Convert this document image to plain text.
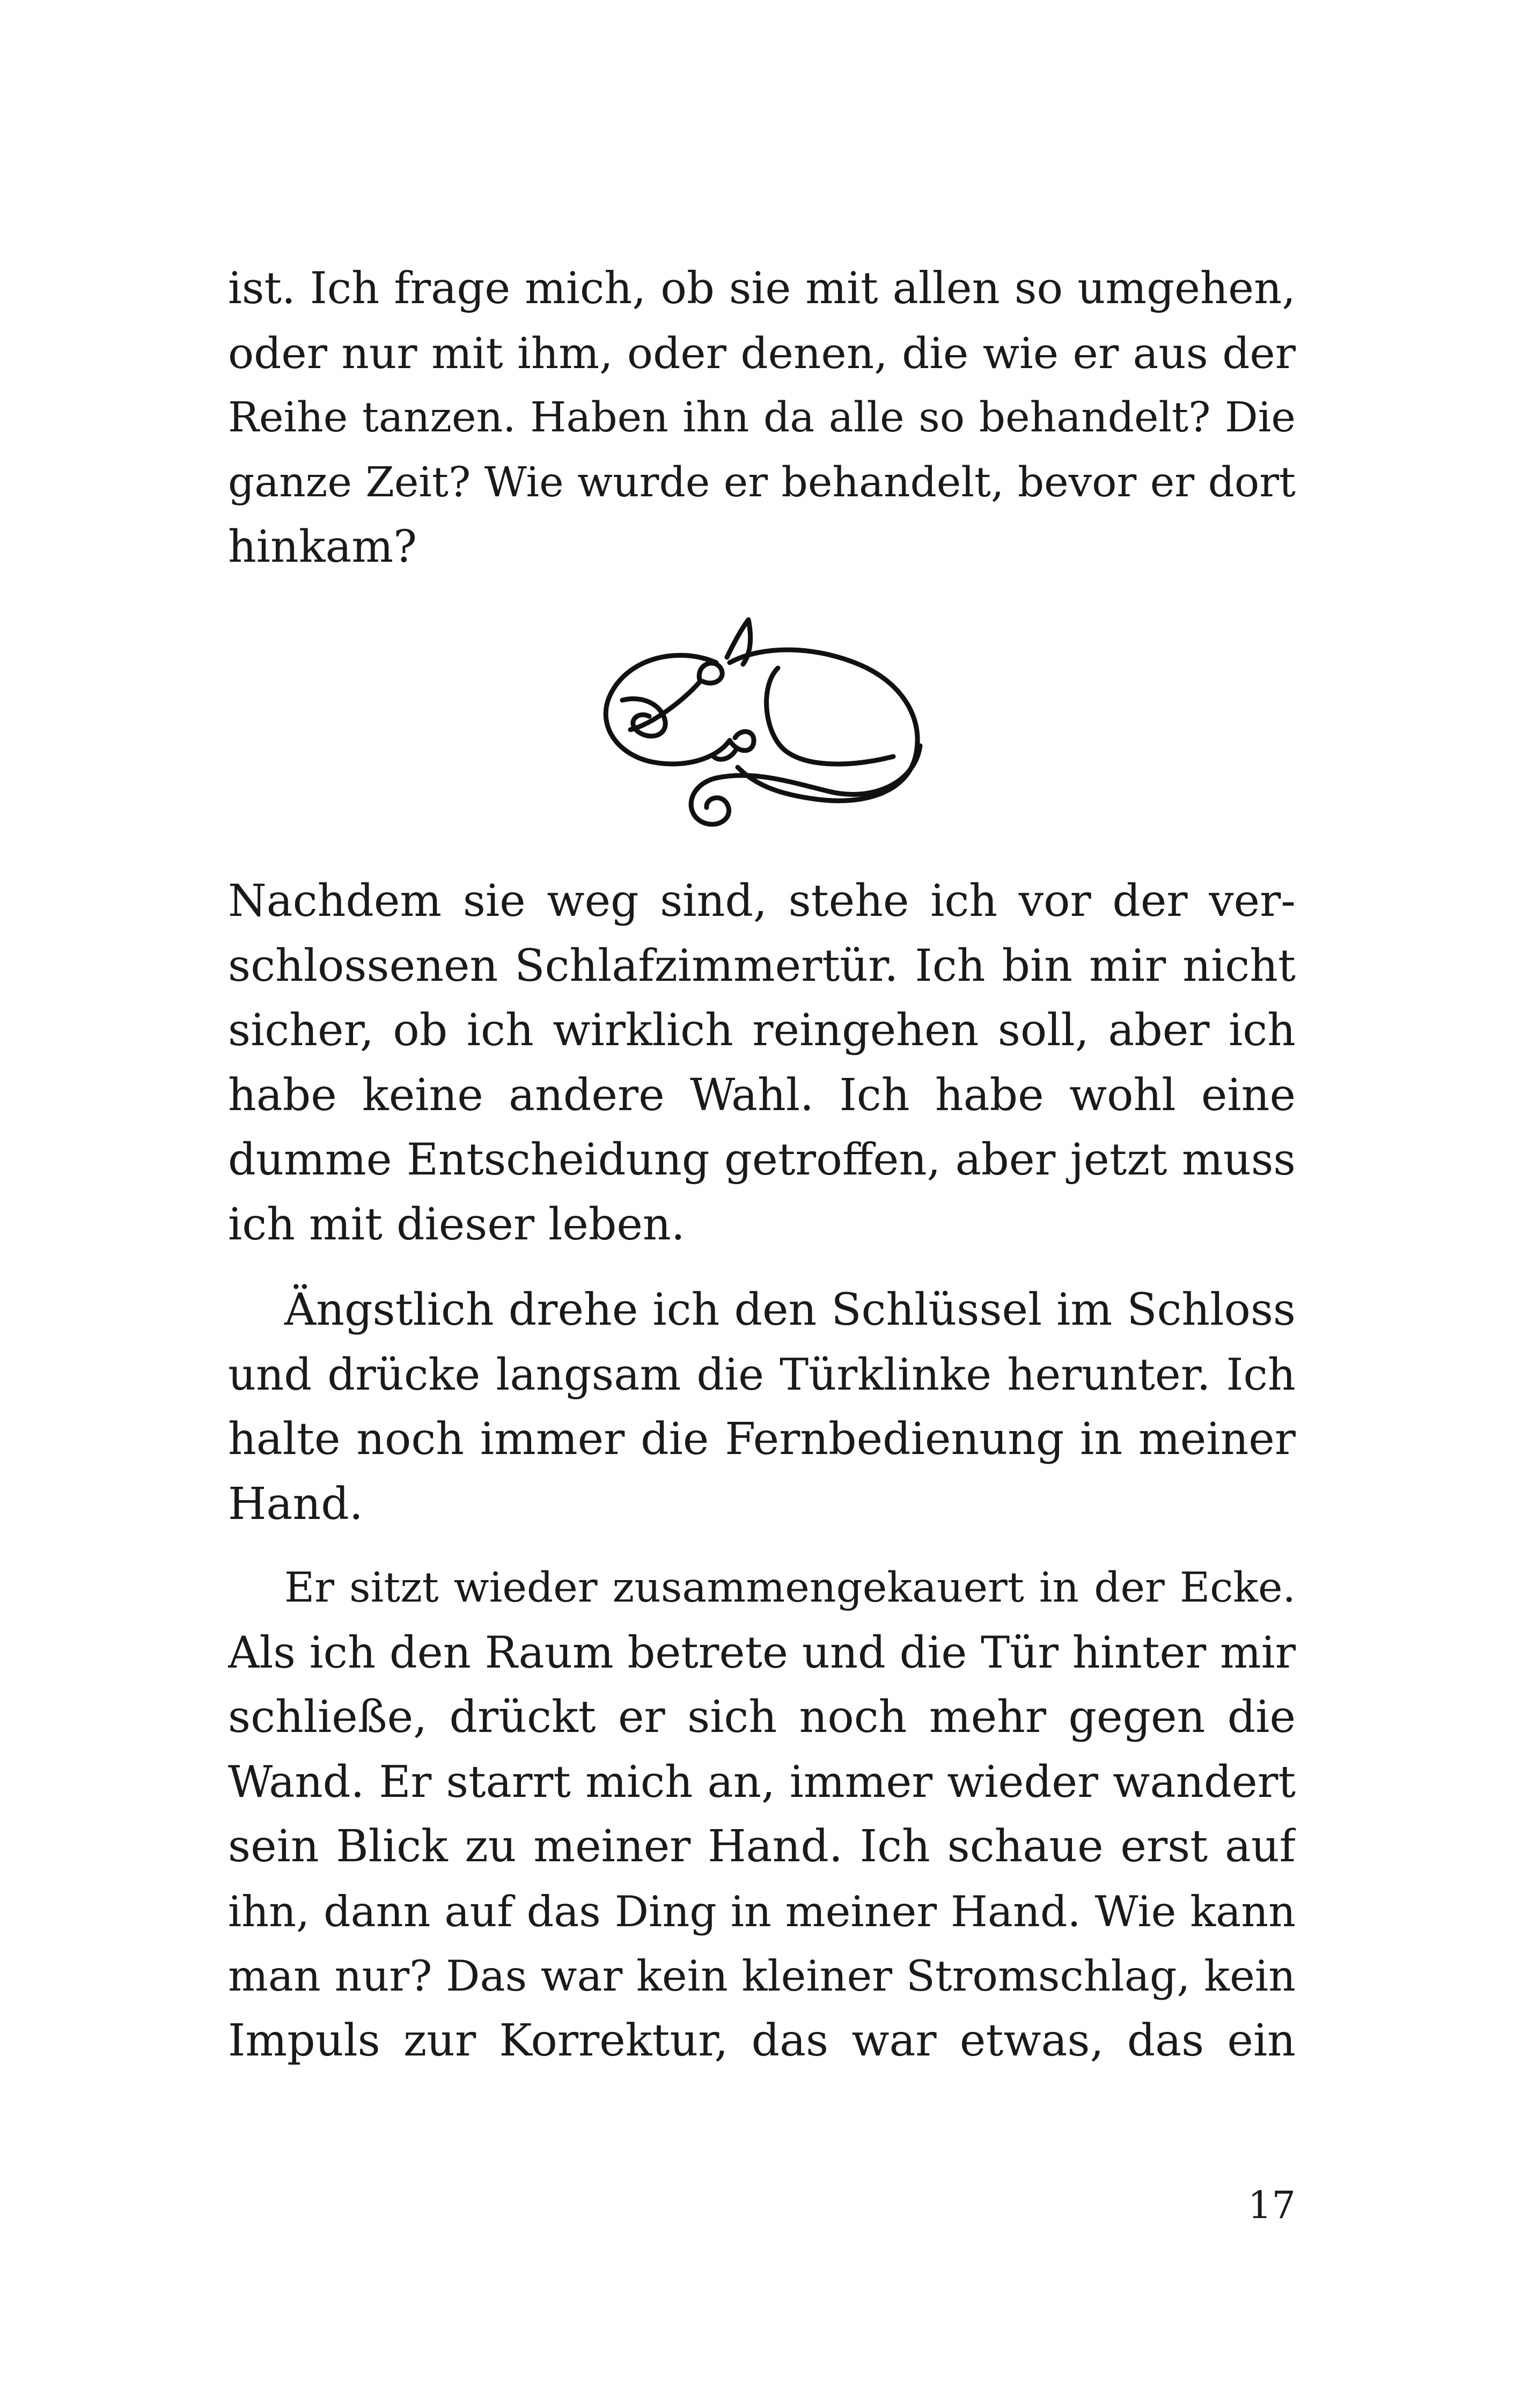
ist. Ich frage mich, ob sie mit allen so umgehen,
oder nur mit ihm, oder denen, die wie er aus der
Reihe tanzen. Haben ihn da alle so behandelt? Die
ganze Zeit? Wie wurde er behandelt, bevor er dort
hinkam?
Nachdem sie weg sind, stehe ich vor der ver-
schlossenen Schlafzimmertür. Ich bin mir nicht
sicher, ob ich wirklich reingehen soll, aber ich
habe keine andere Wahl. Ich habe wohl eine
dumme Entscheidung getroffen, aber jetzt muss
ich mit dieser leben.
Ängstlich drehe ich den Schlüssel im Schloss
und drücke langsam die Türklinke herunter. Ich
halte noch immer die Fernbedienung in meiner
Hand.
Er sitzt wieder zusammengekauert in der Ecke.
Als ich den Raum betrete und die Tür hinter mir
schließe, drückt er sich noch mehr gegen die
Wand. Er starrt mich an, immer wieder wandert
sein Blick zu meiner Hand. Ich schaue erst auf
ihn, dann auf das Ding in meiner Hand. Wie kann
man nur? Das war kein kleiner Stromschlag, kein
Impuls zur Korrektur, das war etwas, das ein
17
